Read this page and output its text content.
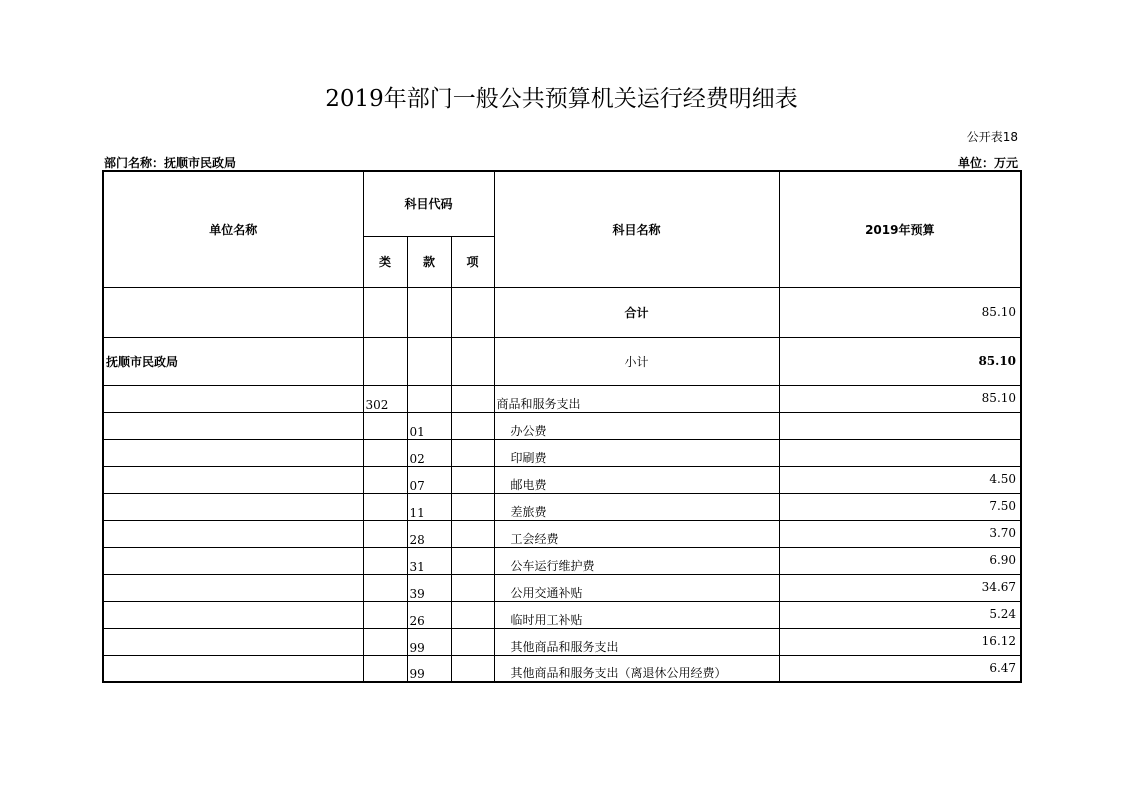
2019年部门一般公共预算机关运行经费明细表
公开表18
部门名称：抚顺市民政局	单位：万元
单位名称	科目代码			科目名称	2019年预算
	类	款	项		
				合计	85.10
抚顺市民政局				小计	85.10
	302			商品和服务支出	85.10
		01		办公费	
		02		印刷费	
		07		邮电费	4.50
		11		差旅费	7.50
		28		工会经费	3.70
		31		公车运行维护费	6.90
		39		公用交通补贴	34.67
		26		临时用工补贴	5.24
		99		其他商品和服务支出	16.12
		99		其他商品和服务支出（离退休公用经费）	6.47
